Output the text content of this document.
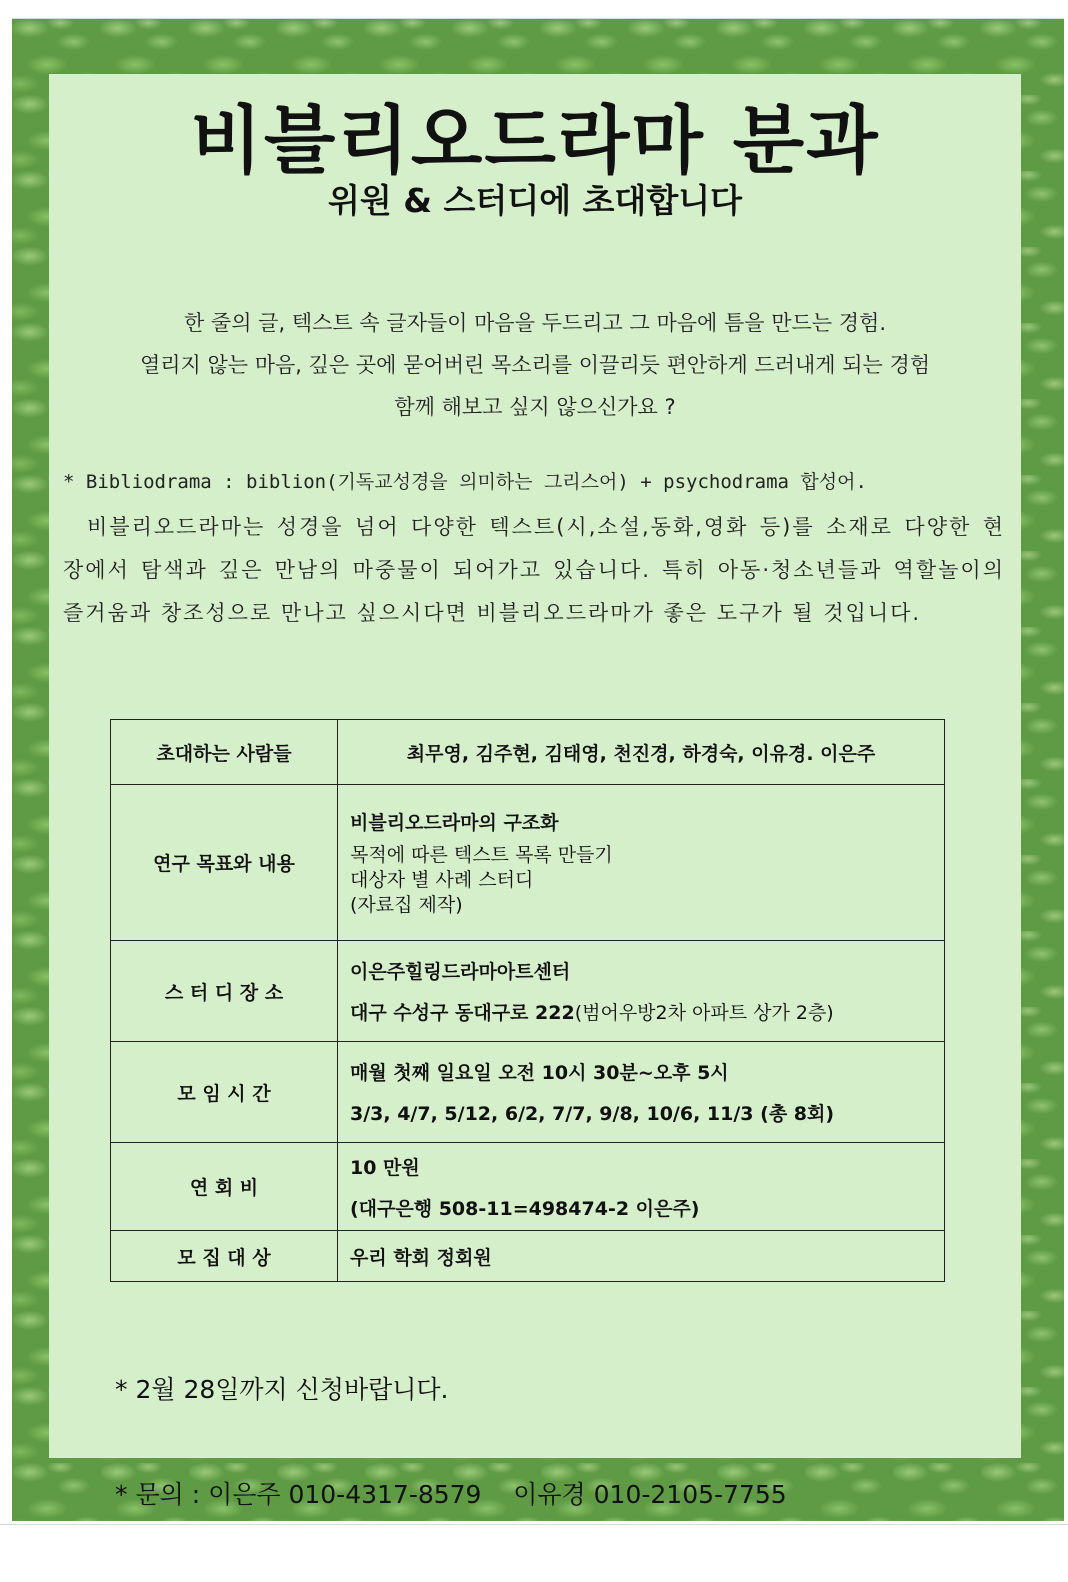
비블리오드라마 분과
위원 & 스터디에 초대합니다
한 줄의 글, 텍스트 속 글자들이 마음을 두드리고 그 마음에 틈을 만드는 경험.
열리지 않는 마음, 깊은 곳에 묻어버린 목소리를 이끌리듯 편안하게 드러내게 되는 경험
함께 해보고 싶지 않으신가요 ?
* Bibliodrama : biblion(기독교성경을 의미하는 그리스어) + psychodrama 합성어.
비블리오드라마는 성경을 넘어 다양한 텍스트(시,소설,동화,영화 등)를 소재로 다양한 현장에서 탐색과 깊은 만남의 마중물이 되어가고 있습니다. 특히 아동·청소년들과 역할놀이의 즐거움과 창조성으로 만나고 싶으시다면 비블리오드라마가 좋은 도구가 될 것입니다.
초대하는 사람들	최무영, 김주현, 김태영, 천진경, 하경숙, 이유경. 이은주
연구 목표와 내용	비블리오드라마의 구조화
목적에 따른 텍스트 목록 만들기
대상자 별 사례 스터디
(자료집 제작)

스 터 디 장 소	이은주힐링드라마아트센터
대구 수성구 동대구로 222(범어우방2차 아파트 상가 2층)

모 임 시 간	매월 첫째 일요일 오전 10시 30분~오후 5시
3/3, 4/7, 5/12, 6/2, 7/7, 9/8, 10/6, 11/3 (총 8회)

연 회 비	10 만원
(대구은행 508-11=498474-2 이은주)

모 집 대 상	우리 학회 정회원

* 2월 28일까지 신청바랍니다.

* 문의 : 이은주 010-4317-8579    이유경 010-2105-7755
